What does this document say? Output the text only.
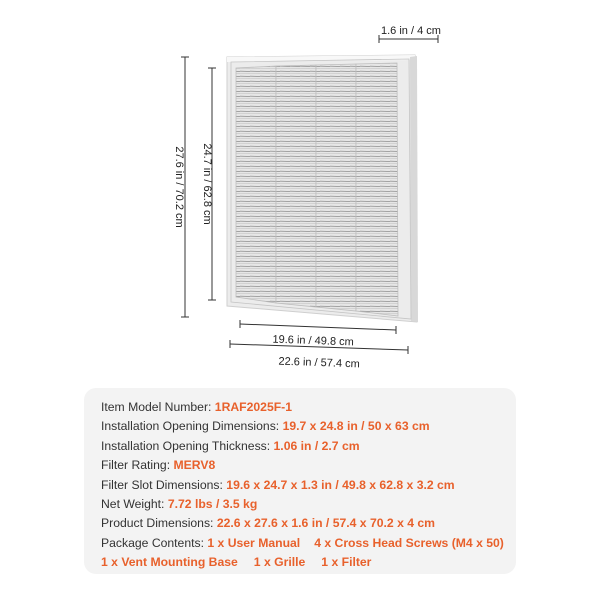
1.6 in / 4 cm
27.6 in / 70.2 cm 24.7 in / 62.8 cm
19.6 in / 49.8 cm
22.6 in / 57.4 cm
Item Model Number: 1RAF2025F-1
Installation Opening Dimensions: 19.7 x 24.8 in / 50 x 63 cm
Installation Opening Thickness: 1.06 in / 2.7 cm
Filter Rating: MERV8
Filter Slot Dimensions: 19.6 x 24.7 x 1.3 in / 49.8 x 62.8 x 3.2 cm
Net Weight: 7.72 lbs / 3.5 kg
Product Dimensions: 22.6 x 27.6 x 1.6 in / 57.4 x 70.2 x 4 cm
Package Contents: 1 x User Manual 4 x Cross Head Screws (M4 x 50)
1 x Vent Mounting Base 1 x Grille 1 x Filter
